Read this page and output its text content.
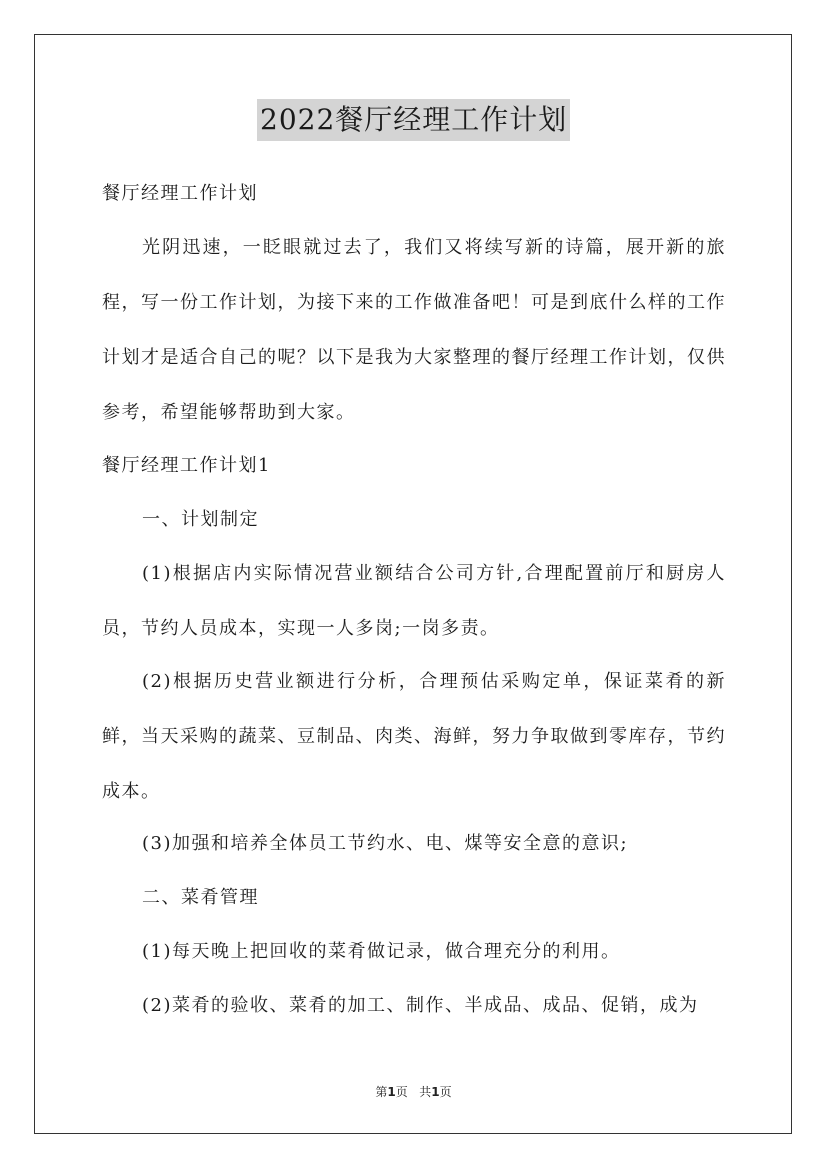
2022餐厅经理工作计划

餐厅经理工作计划

光阴迅速，一眨眼就过去了，我们又将续写新的诗篇，展开新的旅程，写一份工作计划，为接下来的工作做准备吧！可是到底什么样的工作计划才是适合自己的呢？以下是我为大家整理的餐厅经理工作计划，仅供参考，希望能够帮助到大家。

餐厅经理工作计划1

一、计划制定

(1)根据店内实际情况营业额结合公司方针,合理配置前厅和厨房人员，节约人员成本，实现一人多岗;一岗多责。

(2)根据历史营业额进行分析，合理预估采购定单，保证菜肴的新鲜，当天采购的蔬菜、豆制品、肉类、海鲜，努力争取做到零库存，节约成本。

(3)加强和培养全体员工节约水、电、煤等安全意的意识;

二、菜肴管理

(1)每天晚上把回收的菜肴做记录，做合理充分的利用。

(2)菜肴的验收、菜肴的加工、制作、半成品、成品、促销，成为

第1页 共1页
